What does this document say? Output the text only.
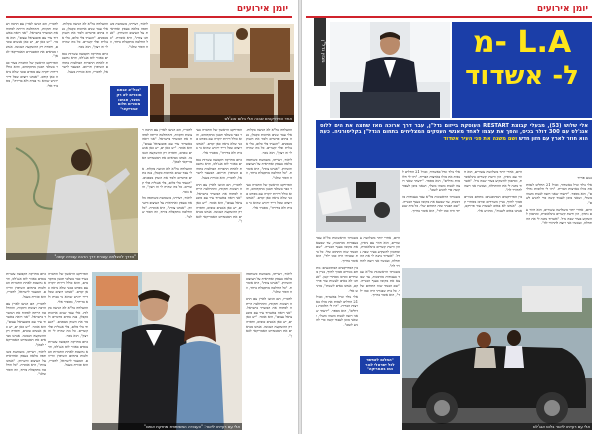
אחד הפרויקטים שבנה אלי בלוס אנג'לס
"בנל"א אנחנו מוכרים לא רק מוצר, אנחנו מוכרים חלום אמריקאי"

לדבריו, הם הגיעו לארץ עם הרבה רצונות ותקוות, וההחלטה הייתה לפתוח את המשרד בישראל. "אני רואה באשדוד עיר עם פוטנציאל עצום", הוא אומר. "יש כאן ים, יש כאן אנשים טובים, וחסרה רק ההשקעה הנכונה. אנחנו מביאים את הסטנדרט האמריקאי לכאן".

הפרויקט הראשון של החברה בעיר כבר בשלבי תכנון מתקדמים, והוא כולל דירות יוקרה עם מפרט טכני שלא נראה כאן קודם. "אנחנו רוצים שכל דייר ירגיש שהוא גר בבית ולא בדירה", מסביר אלי.

ההצלחה בל"א לא הגיעה בקלות. אלי עבד שנים ארוכות כקבלן, בנה בתים פרטיים ולמד את השוק מבפנים. "הגעתי בלי כלום, בלי אנגלית ובלי קשרים. כל מה שהיה לי זה רצון", הוא נזכר.

כיום מחזיקה הקבוצה עשרות נכסים באזור לוס אנג'לס, והיא נחשבת לאחת החברות הבולטות בתחום השיפוץ והייזום. המעבר לישראל, לדבריו, הוא סגירת מעגל.

ליאור, רעייתו, משמשת כשותפה מלאה בעסק ואחראית על העיצוב והשיווק. "אנחנו צוות", היא אומרת. "כל החלטה מתקבלת ביחד, וזה הסוד שלנו".

"הדרך להצלחה עוברת דרך הרבה עבודה קשה"

לדבריו, הם הגיעו לארץ עם הרבה רצונות ותקוות, וההחלטה הייתה לפתוח את המשרד בישראל. "אני רואה באשדוד עיר עם פוטנציאל עצום", הוא אומר. "יש כאן ים, יש כאן אנשים טובים, וחסרה רק ההשקעה הנכונה. אנחנו מביאים את הסטנדרט האמריקאי לכאן".

ההצלחה בל"א לא הגיעה בקלות. אלי עבד שנים ארוכות כקבלן, בנה בתים פרטיים ולמד את השוק מבפנים. "הגעתי בלי כלום, בלי אנגלית ובלי קשרים. כל מה שהיה לי זה רצון", הוא נזכר.

ליאור, רעייתו, משמשת כשותפה מלאה בעסק ואחראית על העיצוב והשיווק. "אנחנו צוות", היא אומרת. "כל החלטה מתקבלת ביחד, וזה הסוד שלנו".

הפרויקט הראשון של החברה בעיר כבר בשלבי תכנון מתקדמים, והוא כולל דירות יוקרה עם מפרט טכני שלא נראה כאן קודם. "אנחנו רוצים שכל דייר ירגיש שהוא גר בבית ולא בדירה", מסביר אלי.

כיום מחזיקה הקבוצה עשרות נכסים באזור לוס אנג'לס, והיא נחשבת לאחת החברות הבולטות בתחום השיפוץ והייזום. המעבר לישראל, לדבריו, הוא סגירת מעגל.

לדבריו, הם הגיעו לארץ עם הרבה רצונות ותקוות, וההחלטה הייתה לפתוח את המשרד בישראל. "אני רואה באשדוד עיר עם פוטנציאל עצום", הוא אומר. "יש כאן ים, יש כאן אנשים טובים, וחסרה רק ההשקעה הנכונה. אנחנו מביאים את הסטנדרט האמריקאי לכאן".

ההצלחה בל"א לא הגיעה בקלות. אלי עבד שנים ארוכות כקבלן, בנה בתים פרטיים ולמד את השוק מבפנים. "הגעתי בלי כלום, בלי אנגלית ובלי קשרים. כל מה שהיה לי זה רצון", הוא נזכר.

ליאור, רעייתו, משמשת כשותפה מלאה בעסק ואחראית על העיצוב והשיווק. "אנחנו צוות", היא אומרת. "כל החלטה מתקבלת ביחד, וזה הסוד שלנו".

הפרויקט הראשון של החברה בעיר כבר בשלבי תכנון מתקדמים, והוא כולל דירות יוקרה עם מפרט טכני שלא נראה כאן קודם. "אנחנו רוצים שכל דייר ירגיש שהוא גר בבית ולא בדירה", מסביר אלי.

אלי עם רעייתו ליאור: "העבודה המשותפת מחזקת אותנו"

כיום מחזיקה הקבוצה עשרות נכסים באזור לוס אנג'לס, והיא נחשבת לאחת החברות הבולטות בתחום השיפוץ והייזום. המעבר לישראל, לדבריו, הוא סגירת מעגל.

לדבריו, הם הגיעו לארץ עם הרבה רצונות ותקוות, וההחלטה הייתה לפתוח את המשרד בישראל. "אני רואה באשדוד עיר עם פוטנציאל עצום", הוא אומר. "יש כאן ים, יש כאן אנשים טובים, וחסרה רק ההשקעה הנכונה. אנחנו מביאים את הסטנדרט האמריקאי לכאן".

ליאור, רעייתו, משמשת כשותפה מלאה בעסק ואחראית על העיצוב והשיווק. "אנחנו צוות", היא אומרת. "כל החלטה מתקבלת ביחד, וזה הסוד שלנו".

הפרויקט הראשון של החברה בעיר כבר בשלבי תכנון מתקדמים, והוא כולל דירות יוקרה עם מפרט טכני שלא נראה כאן קודם. "אנחנו רוצים שכל דייר ירגיש שהוא גר בבית ולא בדירה", מסביר אלי.

ההצלחה בל"א לא הגיעה בקלות. אלי עבד שנים ארוכות כקבלן, בנה בתים פרטיים ולמד את השוק מבפנים. "הגעתי בלי כלום, בלי אנגלית ובלי קשרים. כל מה שהיה לי זה רצון", הוא נזכר.

כיום מחזיקה הקבוצה עשרות נכסים באזור לוס אנג'לס, והיא נחשבת לאחת החברות הבולטות בתחום השיפוץ והייזום. המעבר לישראל, לדבריו, הוא סגירת מעגל.

ליאור, רעייתו, משמשת כשותפה מלאה בעסק ואחראית על העיצוב והשיווק. "אנחנו צוות", היא אומרת. "כל החלטה מתקבלת ביחד, וזה הסוד שלנו".

לדבריו, הם הגיעו לארץ עם הרבה רצונות ותקוות, וההחלטה הייתה לפתוח את המשרד בישראל. "אני רואה באשדוד עיר עם פוטנציאל עצום", הוא אומר. "יש כאן ים, יש כאן אנשים טובים, וחסרה רק ההשקעה הנכונה. אנחנו מביאים את הסטנדרט האמריקאי לכאן".

מגזין נדל"ן	מ- L.A
ל- אשדוד
אלי שלוש (53), מבעלי קבוצת RESTART העוסקת בייזום נדל"ן, עבר דרך ארוכה מאז שחצה את הים ללוס אנג'לס עם 300 דולר בכיס, והפך את עצמו לאחד מאנשי העסקים המצליחים בתחום הנדל"ן בקליפורניה. כעת הוא חוזר לארץ עם חזון חדש ושם משנה את פני העיר אשדוד

אלי נולד וגדל באשדוד, ובגיל 21 החליט לנסות את מזלו בארצות הברית. "היו לי חלומות גדולים", הוא מספר. "ידעתי שאני רוצה לבנות משהו משלי, ושאני מוכן לעבוד קשה כדי להגיע לשם".

בשנותיו הראשונות בל"א עבד בעבודות מזדמנות, עד שמצא את מקומו בענף הבנייה. "שם הבנתי שזה התחום שלי. כל בית שבניתי היה כמו ילד", הוא אומר בחיוך.

היום, אחרי יותר משלושה עשורים, הוא חוזר עם ניסיון, הון ורשת קשרים בינלאומית, ומתכוון להשקיע בעיר שבה גדל. "אשדוד נתנה לי את ההתחלה, ועכשיו אני רוצה להחזיר לה".

בין הפרויקטים המתוכננים: מתחם מגורים סמוך לחוף, בניין משרדים ומרכז מסחרי קטן. "אנחנו לא באים לעשות עוד פרויקט, אנחנו באים לשנות", מדגיש אלי.

נטע פריד

אלי נולד וגדל באשדוד, ובגיל 21 החליט לנסות את מזלו בארצות הברית. "היו לי חלומות גדולים", הוא מספר. "ידעתי שאני רוצה לבנות משהו משלי, ושאני מוכן לעבוד קשה כדי להגיע לשם".

היום, אחרי יותר משלושה עשורים, הוא חוזר עם ניסיון, הון ורשת קשרים בינלאומית, ומתכוון להשקיע בעיר שבה גדל. "אשדוד נתנה לי את ההתחלה, ועכשיו אני רוצה להחזיר לה".

בשנותיו הראשונות בל"א עבד בעבודות מזדמנות, עד שמצא את מקומו בענף הבנייה. "שם הבנתי שזה התחום שלי. כל בית שבניתי היה כמו ילד", הוא אומר בחיוך.

בין הפרויקטים המתוכננים: מתחם מגורים סמוך לחוף, בניין משרדים ומרכז מסחרי קטן. "אנחנו לא באים לעשות עוד פרויקט, אנחנו באים לשנות", מדגיש אלי.

אלי נולד וגדל באשדוד, ובגיל 21 החליט לנסות את מזלו בארצות הברית. "היו לי חלומות גדולים", הוא מספר. "ידעתי שאני רוצה לבנות משהו משלי, ושאני מוכן לעבוד קשה כדי להגיע לשם".

היום, אחרי יותר משלושה עשורים, הוא חוזר עם ניסיון, הון ורשת קשרים בינלאומית, ומתכוון להשקיע בעיר שבה גדל. "אשדוד נתנה לי את ההתחלה, ועכשיו אני רוצה להחזיר לה".

בשנותיו הראשונות בל"א עבד בעבודות מזדמנות, עד שמצא את מקומו בענף הבנייה. "שם הבנתי שזה התחום שלי. כל בית שבניתי היה כמו ילד", הוא אומר בחיוך.

"החלום לאפשר לכל ישראלי לגור כמו באמריקה"
אלי עם רעייתו ליאור בלוס אנג'לס
יומן אירועים	יומן אירועים
